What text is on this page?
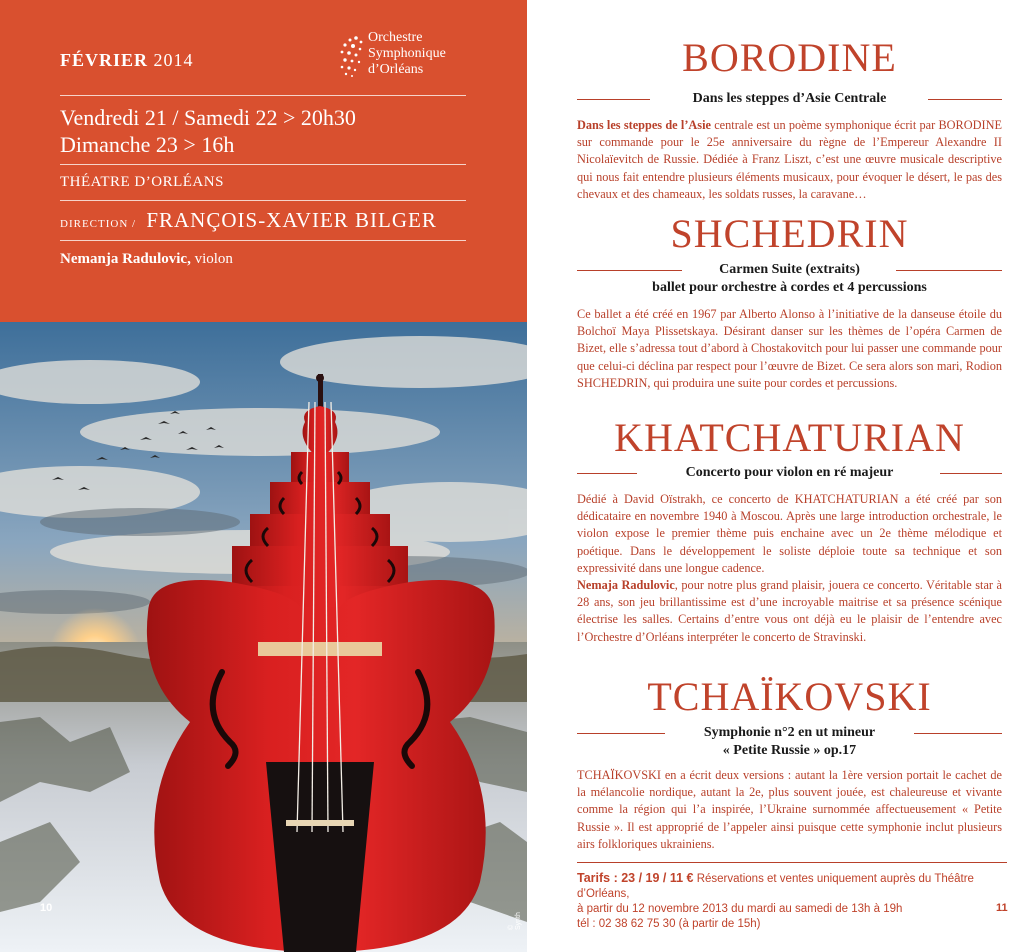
FÉVRIER 2014
Orchestre
Symphonique
d’Orléans
Vendredi 21 / Samedi 22 > 20h30
Dimanche 23 > 16h
THÉATRE D’ORLÉANS
DIRECTION / FRANÇOIS-XAVIER BILGER
Nemanja Radulovic, violon
10
© Synth
BORODINE
Dans les steppes d’Asie Centrale
Dans les steppes de l’Asie centrale est un poème symphonique écrit par BORODINE sur commande pour le 25e anniversaire du règne de l’Empereur Alexandre II Nicolaïevitch de Russie. Dédiée à Franz Liszt, c’est une œuvre musicale descriptive qui nous fait entendre plusieurs éléments musicaux, pour évoquer le désert, le pas des chevaux et des chameaux, les soldats russes, la caravane…
SHCHEDRIN
Carmen Suite (extraits)
ballet pour orchestre à cordes et 4 percussions
Ce ballet a été créé en 1967 par Alberto Alonso à l’initiative de la danseuse étoile du Bolchoï Maya Plissetskaya. Désirant danser sur les thèmes de l’opéra Carmen de Bizet, elle s’adressa tout d’abord à Chostakovitch pour lui passer une commande pour que celui-ci déclina par respect pour l’œuvre de Bizet. Ce sera alors son mari, Rodion SHCHEDRIN, qui produira une suite pour cordes et percussions.
KHATCHATURIAN
Concerto pour violon en ré majeur
Dédié à David Oïstrakh, ce concerto de KHATCHATURIAN a été créé par son dédicataire en novembre 1940 à Moscou. Après une large introduction orchestrale, le violon expose le premier thème puis enchaine avec un 2e thème mélodique et poétique. Dans le développement le soliste déploie toute sa technique et son expressivité dans une longue cadence.
Nemaja Radulovic, pour notre plus grand plaisir, jouera ce concerto. Véritable star à 28 ans, son jeu brillantissime est d’une incroyable maitrise et sa présence scénique électrise les salles. Certains d’entre vous ont déjà eu le plaisir de l’entendre avec l’Orchestre d’Orléans interpréter le concerto de Stravinski.
TCHAÏKOVSKI
Symphonie n°2 en ut mineur
« Petite Russie » op.17
TCHAÏKOVSKI en a écrit deux versions : autant la 1ère version portait le cachet de la mélancolie nordique, autant la 2e, plus souvent jouée, est chaleureuse et vivante comme la région qui l’a inspirée, l’Ukraine surnommée affectueusement « Petite Russie ». Il est approprié de l’appeler ainsi puisque cette symphonie inclut plusieurs airs folkloriques ukrainiens.
Tarifs : 23 / 19 / 11 € Réservations et ventes uniquement auprès du Théâtre d’Orléans,
à partir du 12 novembre 2013 du mardi au samedi de 13h à 19h
tél : 02 38 62 75 30 (à partir de 15h)
11
